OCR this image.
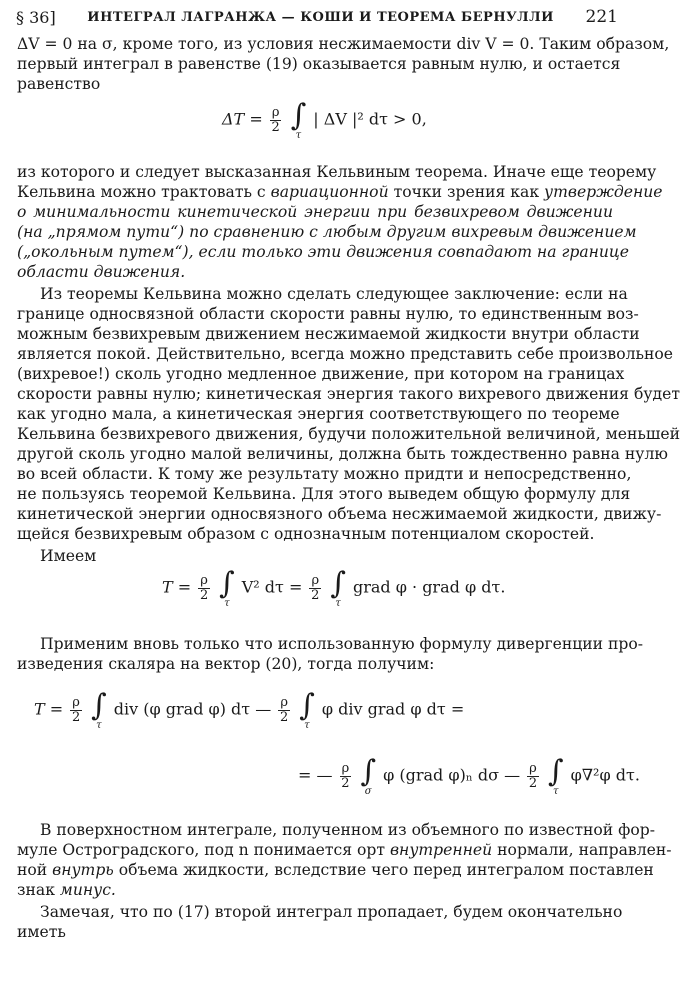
§ 36] ИНТЕГРАЛ ЛАГРАНЖА — КОШИ И ТЕОРЕМА БЕРНУЛЛИ 221
ΔV = 0 на σ, кроме того, из условия несжимаемости div V = 0. Таким образом,
первый интеграл в равенстве (19) оказывается равным нулю, и остается
равенство
$\Delta T = \frac{\rho}{2}$
∫
τ
| ΔV |² dτ > 0,
из которого и следует высказанная Кельвиным теорема. Иначе еще теорему
Кельвина можно трактовать с вариационной точки зрения как утверждение
о минимальности кинетической энергии при безвихревом движении
(на „прямом пути“) по сравнению с любым другим вихревым движением
(„окольным путем“), если только эти движения совпадают на границе
области движения.
Из теоремы Кельвина можно сделать следующее заключение: если на
границе односвязной области скорости равны нулю, то единственным воз-
можным безвихревым движением несжимаемой жидкости внутри области
является покой. Действительно, всегда можно представить себе произвольное
(вихревое!) сколь угодно медленное движение, при котором на границах
скорости равны нулю; кинетическая энергия такого вихревого движения будет
как угодно мала, а кинетическая энергия соответствующего по теореме
Кельвина безвихревого движения, будучи положительной величиной, меньшей
другой сколь угодно малой величины, должна быть тождественно равна нулю
во всей области. К тому же результату можно придти и непосредственно,
не пользуясь теоремой Кельвина. Для этого выведем общую формулу для
кинетической энергии односвязного объема несжимаемой жидкости, движу-
щейся безвихревым образом с однозначным потенциалом скоростей.
Имеем
$T = \frac{\rho}{2}$
∫
τ
V² $d\tau = \frac{\rho}{2}$
∫
τ
grad φ · grad φ dτ.
Применим вновь только что использованную формулу дивергенции про-
изведения скаляра на вектор (20), тогда получим:
$T = \frac{\rho}{2}$
∫
τ
div (φ grad φ) dτ — $\frac{\rho}{2}$
∫
τ
φ div grad φ dτ =
= — $\frac{\rho}{2}$
∫
σ
φ (grad φ)ₙ dσ — $\frac{\rho}{2}$
∫
τ
φ∇²φ dτ.
В поверхностном интеграле, полученном из объемного по известной фор-
муле Остроградского, под n понимается орт внутренней нормали, направлен-
ной внутрь объема жидкости, вследствие чего перед интегралом поставлен
знак минус.
Замечая, что по (17) второй интеграл пропадает, будем окончательно
иметь
